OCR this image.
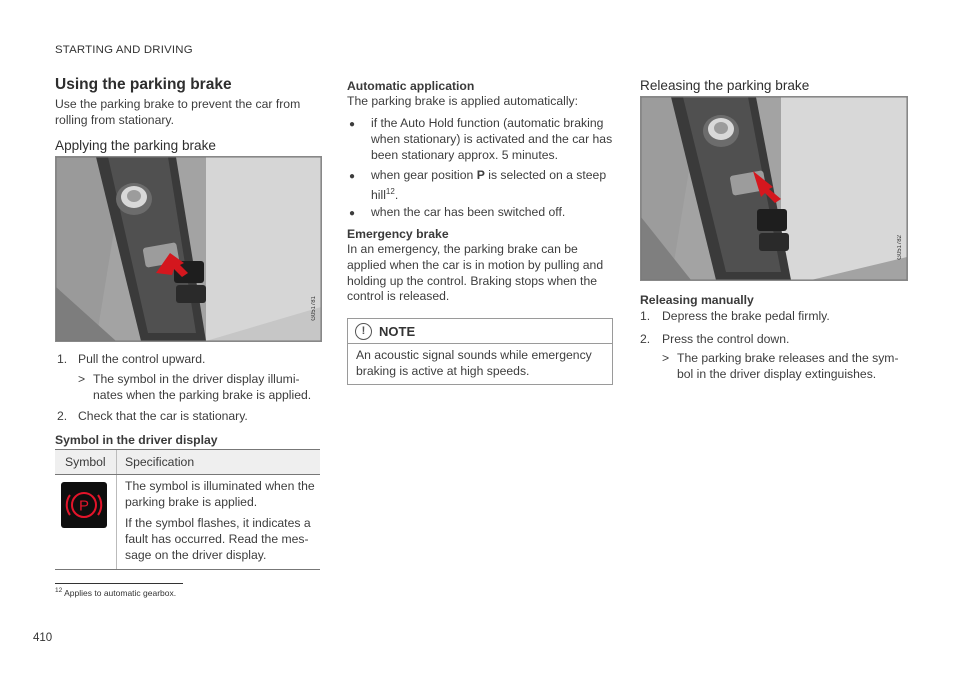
STARTING AND DRIVING
Using the parking brake
Use the parking brake to prevent the car from rolling from stationary.
Applying the parking brake
G051781
1. Pull the control upward.
> The symbol in the driver display illumi-
nates when the parking brake is applied.
2. Check that the car is stationary.
Symbol in the driver display
Symbol Specification
P
The symbol is illuminated when the parking brake is applied.
If the symbol flashes, it indicates a fault has occurred. Read the mes-sage on the driver display.
$^{12}$ Applies to automatic gearbox.
410
Automatic application
The parking brake is applied automatically:
● if the Auto Hold function (automatic braking
when stationary) is activated and the car has
been stationary approx. 5 minutes.
● when gear position P is selected on a steep
hill$^{12}$.
● when the car has been switched off.
Emergency brake
In an emergency, the parking brake can be applied when the car is in motion by pulling and holding up the control. Braking stops when the control is released.
!	NOTE
An acoustic signal sounds while emergency braking is active at high speeds.
Releasing the parking brake
G051782
Releasing manually
1. Depress the brake pedal firmly.
2. Press the control down.
> The parking brake releases and the sym-
bol in the driver display extinguishes.
